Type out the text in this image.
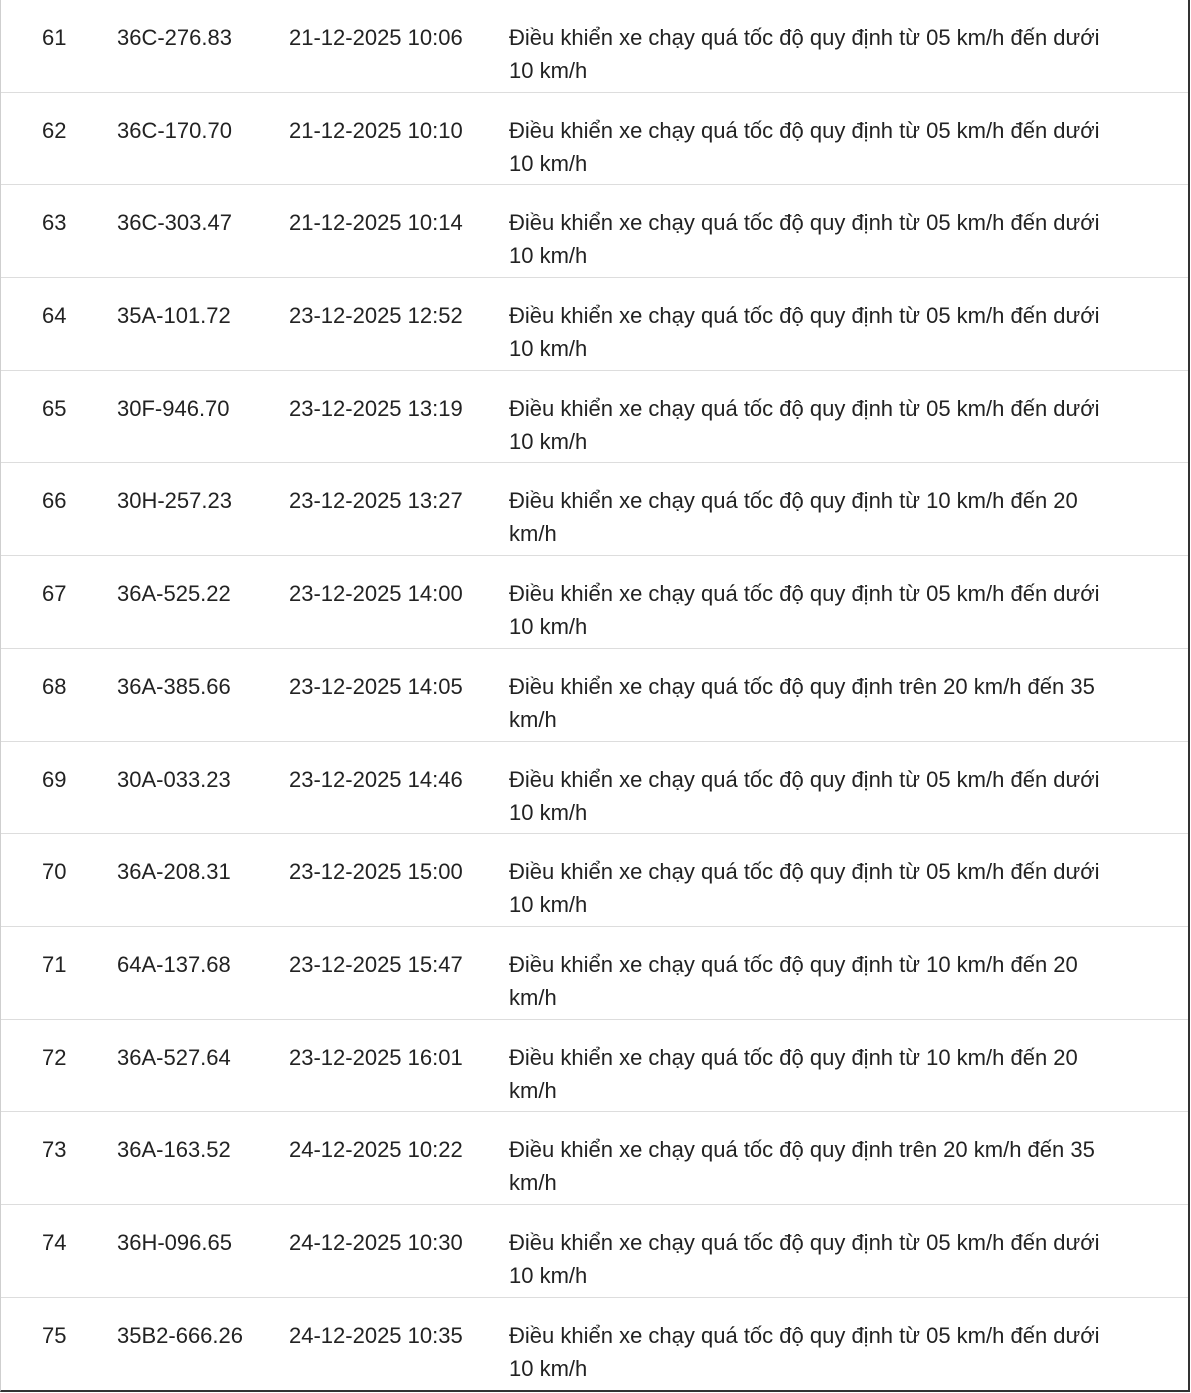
61 36C-276.83	21-12-2025 10:06 Điều khiển xe chạy quá tốc độ quy định từ 05 km/h đến dưới
10 km/h
62 36C-170.70	21-12-2025 10:10 Điều khiển xe chạy quá tốc độ quy định từ 05 km/h đến dưới
10 km/h
63 36C-303.47	21-12-2025 10:14 Điều khiển xe chạy quá tốc độ quy định từ 05 km/h đến dưới
10 km/h
64 35A-101.72	23-12-2025 12:52 Điều khiển xe chạy quá tốc độ quy định từ 05 km/h đến dưới
10 km/h
65 30F-946.70	23-12-2025 13:19 Điều khiển xe chạy quá tốc độ quy định từ 05 km/h đến dưới
10 km/h
66 30H-257.23	23-12-2025 13:27 Điều khiển xe chạy quá tốc độ quy định từ 10 km/h đến 20
km/h
67 36A-525.22	23-12-2025 14:00 Điều khiển xe chạy quá tốc độ quy định từ 05 km/h đến dưới
10 km/h
68 36A-385.66	23-12-2025 14:05 Điều khiển xe chạy quá tốc độ quy định trên 20 km/h đến 35
km/h
69 30A-033.23	23-12-2025 14:46 Điều khiển xe chạy quá tốc độ quy định từ 05 km/h đến dưới
10 km/h
70 36A-208.31	23-12-2025 15:00 Điều khiển xe chạy quá tốc độ quy định từ 05 km/h đến dưới
10 km/h
71 64A-137.68	23-12-2025 15:47 Điều khiển xe chạy quá tốc độ quy định từ 10 km/h đến 20
km/h
72 36A-527.64	23-12-2025 16:01 Điều khiển xe chạy quá tốc độ quy định từ 10 km/h đến 20
km/h
73 36A-163.52	24-12-2025 10:22 Điều khiển xe chạy quá tốc độ quy định trên 20 km/h đến 35
km/h
74 36H-096.65	24-12-2025 10:30 Điều khiển xe chạy quá tốc độ quy định từ 05 km/h đến dưới
10 km/h
75 35B2-666.26 24-12-2025 10:35 Điều khiển xe chạy quá tốc độ quy định từ 05 km/h đến dưới
10 km/h
